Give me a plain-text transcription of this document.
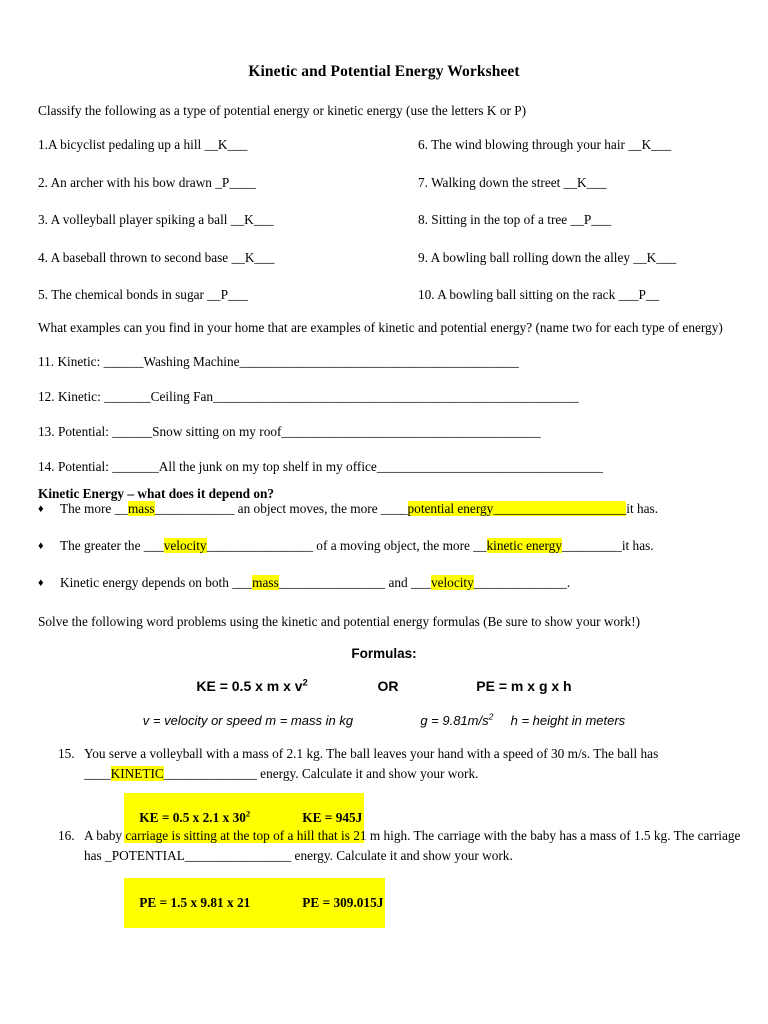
Kinetic and Potential Energy Worksheet
Classify the following as a type of potential energy or kinetic energy (use the letters K or P)
1.A bicyclist pedaling up a hill __K___
2. An archer with his bow drawn _P____
3. A volleyball player spiking a ball __K___
4. A baseball thrown to second base __K___
5. The chemical bonds in sugar __P___
6. The wind blowing through your hair __K___
7. Walking down the street __K___
8. Sitting in the top of a tree __P___
9. A bowling ball rolling down the alley __K___
10. A bowling ball sitting on the rack ___P__
What examples can you find in your home that are examples of kinetic and potential energy? (name two for each type of energy)
11. Kinetic: ______Washing Machine__________________________________________
12. Kinetic: _______Ceiling Fan_______________________________________________________
13. Potential: ______Snow sitting on my roof_______________________________________
14. Potential: _______All the junk on my top shelf in my office__________________________________
Kinetic Energy – what does it depend on?
♦ The more __mass____________ an object moves, the more ____potential energy____________________it has.
♦ The greater the ___velocity________________ of a moving object, the more __kinetic energy_________it has.
♦ Kinetic energy depends on both ___mass________________ and ___velocity______________.
Solve the following word problems using the kinetic and potential energy formulas (Be sure to show your work!)
Formulas:
KE = 0.5 x m x $v^2$	OR	PE = m x g x h
v = velocity or speed m = mass in kg	$g = 9.81m/s^2$ h = height in meters
15. You serve a volleyball with a mass of 2.1 kg. The ball leaves your hand with a speed of 30 m/s. The ball has ____KINETIC______________ energy. Calculate it and show your work.

KE = 0.5 x 2.1 x $30^2$	KE = 945J

16. A baby carriage is sitting at the top of a hill that is 21 m high. The carriage with the baby has a mass of 1.5 kg. The carriage has _POTENTIAL________________ energy. Calculate it and show your work.

PE = 1.5 x 9.81 x 21	PE = 309.015J
